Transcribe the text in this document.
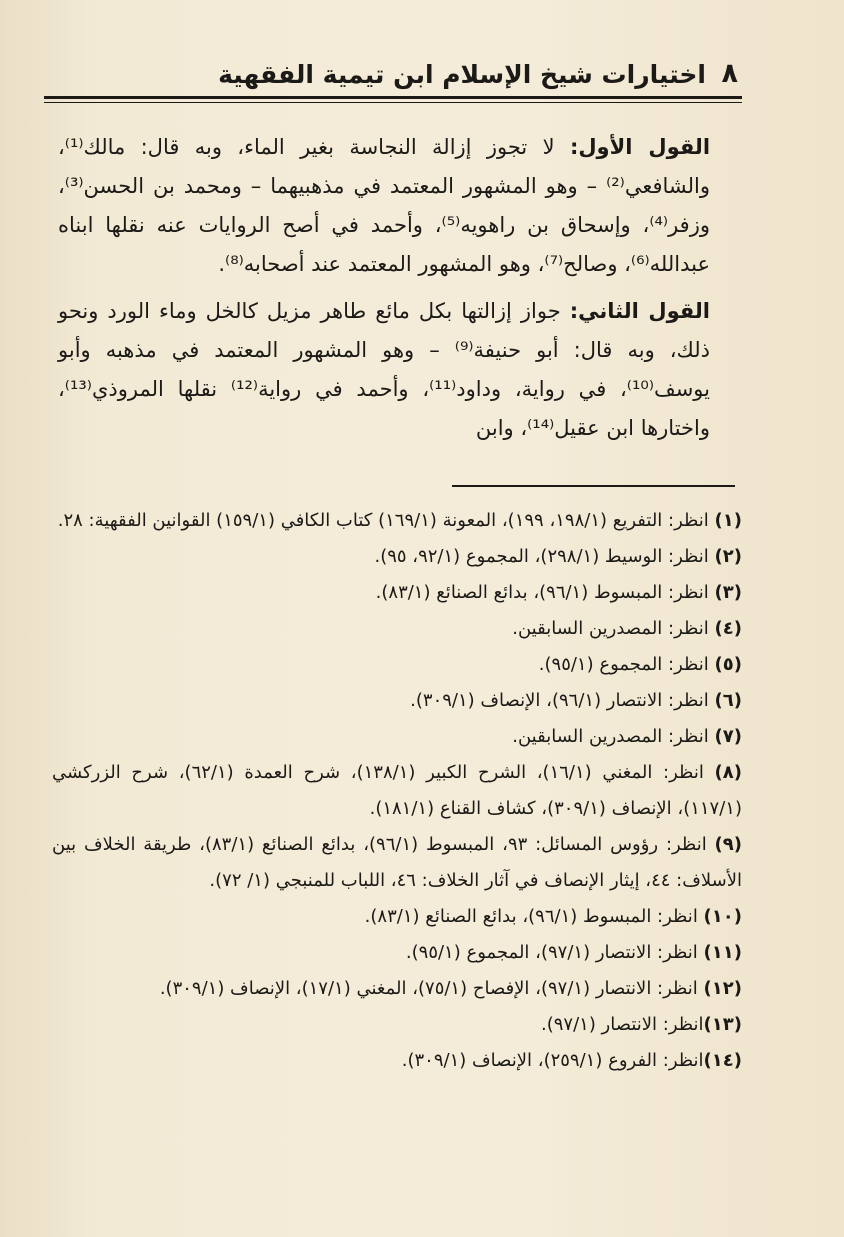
٨
اختيارات شيخ الإسلام ابن تيمية الفقهية

القول الأول: لا تجوز إزالة النجاسة بغير الماء، وبه قال: مالك⁽¹⁾، والشافعي⁽²⁾ – وهو المشهور المعتمد في مذهبيهما – ومحمد بن الحسن⁽³⁾، وزفر⁽⁴⁾، وإسحاق بن راهويه⁽⁵⁾، وأحمد في أصح الروايات عنه نقلها ابناه عبدالله⁽⁶⁾، وصالح⁽⁷⁾، وهو المشهور المعتمد عند أصحابه⁽⁸⁾.

القول الثاني: جواز إزالتها بكل مائع طاهر مزيل كالخل وماء الورد ونحو ذلك، وبه قال: أبو حنيفة⁽⁹⁾ – وهو المشهور المعتمد في مذهبه وأبو يوسف⁽¹⁰⁾، في رواية، وداود⁽¹¹⁾، وأحمد في رواية⁽¹²⁾ نقلها المروذي⁽¹³⁾، واختارها ابن عقيل⁽¹⁴⁾، وابن

(١) انظر: التفريع (١٩٨/١، ١٩٩)، المعونة (١٦٩/١) كتاب الكافي (١٥٩/١) القوانين الفقهية: ٢٨.

(٢) انظر: الوسيط (٢٩٨/١)، المجموع (٩٢/١، ٩٥).

(٣) انظر: المبسوط (٩٦/١)، بدائع الصنائع (٨٣/١).

(٤) انظر: المصدرين السابقين.

(٥) انظر: المجموع (٩٥/١).

(٦) انظر: الانتصار (٩٦/١)، الإنصاف (٣٠٩/١).

(٧) انظر: المصدرين السابقين.

(٨) انظر: المغني (١٦/١)، الشرح الكبير (١٣٨/١)، شرح العمدة (٦٢/١)، شرح الزركشي (١١٧/١)، الإنصاف (٣٠٩/١)، كشاف القناع (١٨١/١).

(٩) انظر: رؤوس المسائل: ٩٣، المبسوط (٩٦/١)، بدائع الصنائع (٨٣/١)، طريقة الخلاف بين الأسلاف: ٤٤، إيثار الإنصاف في آثار الخلاف: ٤٦، اللباب للمنبجي (١/ ٧٢).

(١٠) انظر: المبسوط (٩٦/١)، بدائع الصنائع (٨٣/١).

(١١) انظر: الانتصار (٩٧/١)، المجموع (٩٥/١).

(١٢) انظر: الانتصار (٩٧/١)، الإفصاح (٧٥/١)، المغني (١٧/١)، الإنصاف (٣٠٩/١).

(١٣)انظر: الانتصار (٩٧/١).

(١٤)انظر: الفروع (٢٥٩/١)، الإنصاف (٣٠٩/١).
